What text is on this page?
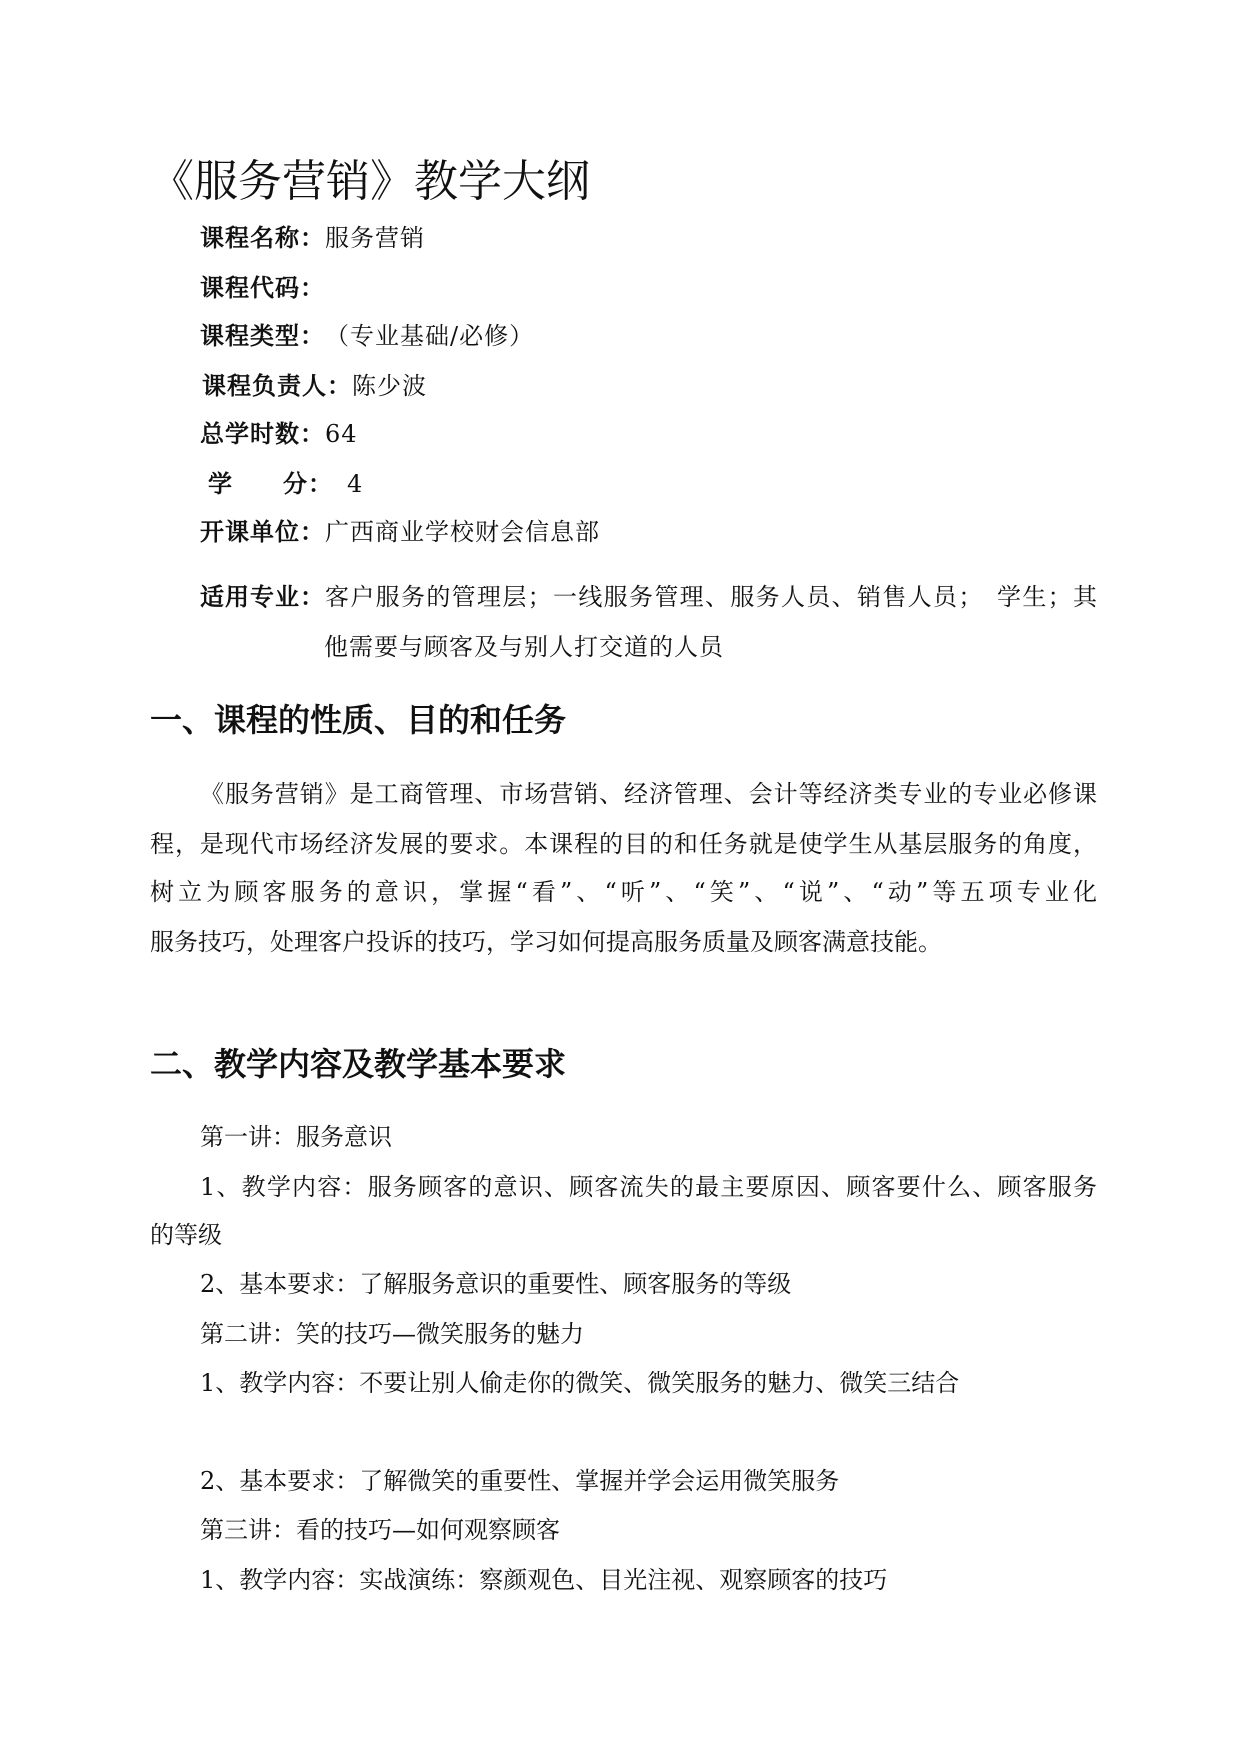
《服务营销》教学大纲
课程名称： 服务营销
课程代码：
课程类型： （专业基础/必修）
课程负责人： 陈少波
总学时数： 64
学　　分： 4
开课单位： 广西商业学校财会信息部
适用专业： 客户服务的管理层；一线服务管理、服务人员、销售人员；　学生；其
他需要与顾客及与别人打交道的人员
一、课程的性质、目的和任务
《服务营销》是工商管理、市场营销、经济管理、会计等经济类专业的专业必修课
程，是现代市场经济发展的要求。本课程的目的和任务就是使学生从基层服务的角度，
树立为顾客服务的意识，掌握“看”、“听”、“笑”、“说”、“动”等五项专业化
服务技巧，处理客户投诉的技巧，学习如何提高服务质量及顾客满意技能。
二、教学内容及教学基本要求
第一讲：服务意识
1、教学内容：服务顾客的意识、顾客流失的最主要原因、顾客要什么、顾客服务
的等级
2、基本要求：了解服务意识的重要性、顾客服务的等级
第二讲：笑的技巧—微笑服务的魅力
1、教学内容：不要让别人偷走你的微笑、微笑服务的魅力、微笑三结合
2、基本要求：了解微笑的重要性、掌握并学会运用微笑服务
第三讲：看的技巧—如何观察顾客
1、教学内容：实战演练：察颜观色、目光注视、观察顾客的技巧
